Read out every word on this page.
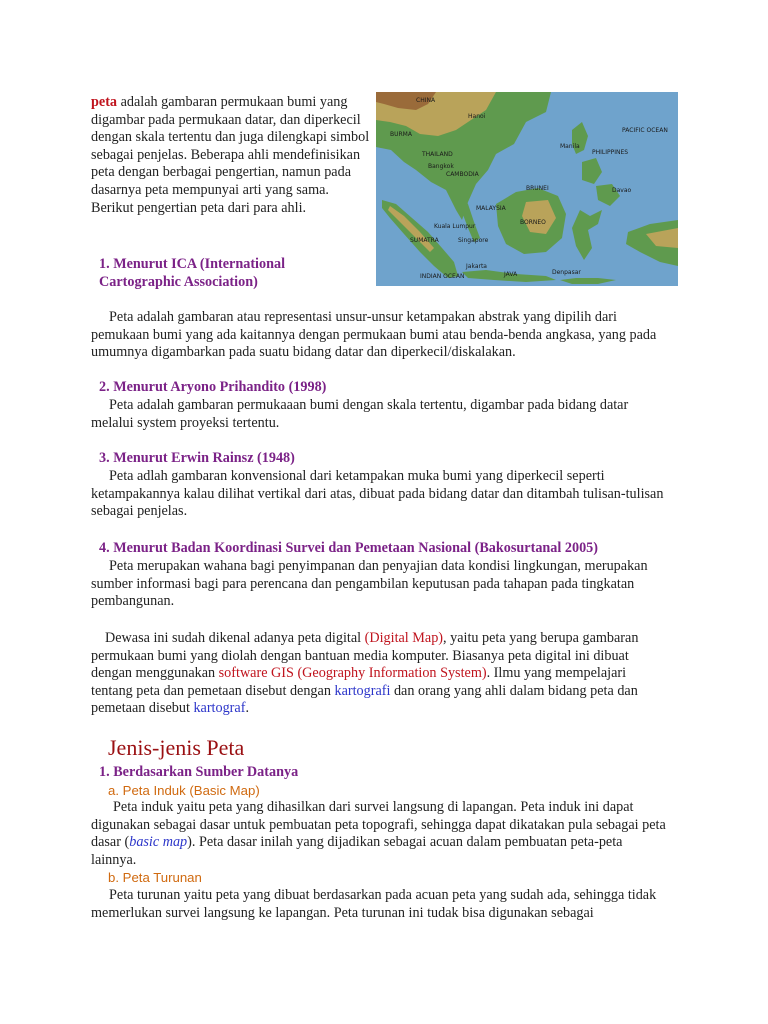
peta adalah gambaran permukaan bumi yang digambar pada permukaan datar, dan diperkecil dengan skala tertentu dan juga dilengkapi simbol sebagai penjelas. Beberapa ahli mendefinisikan peta dengan berbagai pengertian, namun pada dasarnya peta mempunyai arti yang sama. Berikut pengertian peta dari para ahli.

CHINA
BURMA
THAILAND
CAMBODIA
Hanoi
Bangkok
Manila
PHILIPPINES
Kuala Lumpur
Singapore
MALAYSIA
BRUNEI	Davao
Jakarta
SUMATRA
BORNEO
JAVA
INDIAN OCEAN
Denpasar
PACIFIC OCEAN

1. Menurut ICA (International Cartographic Association)

Peta adalah gambaran atau representasi unsur-unsur ketampakan abstrak yang dipilih dari pemukaan bumi yang ada kaitannya dengan permukaan bumi atau benda-benda angkasa, yang pada umumnya digambarkan pada suatu bidang datar dan diperkecil/diskalakan.

2. Menurut Aryono Prihandito (1998)

Peta adalah gambaran permukaaan bumi dengan skala tertentu, digambar pada bidang datar melalui system proyeksi tertentu.

3. Menurut Erwin Rainsz (1948)

Peta adlah gambaran konvensional dari ketampakan muka bumi yang diperkecil seperti ketampakannya kalau dilihat vertikal dari atas, dibuat pada bidang datar dan ditambah tulisan-tulisan sebagai penjelas.

4. Menurut Badan Koordinasi Survei dan Pemetaan Nasional (Bakosurtanal 2005)

Peta merupakan wahana bagi penyimpanan dan penyajian data kondisi lingkungan, merupakan sumber informasi bagi para perencana dan pengambilan keputusan pada tahapan pada tingkatan pembangunan.

Dewasa ini sudah dikenal adanya peta digital (Digital Map), yaitu peta yang berupa gambaran permukaan bumi yang diolah dengan bantuan media komputer. Biasanya peta digital ini dibuat dengan menggunakan software GIS (Geography Information System). Ilmu yang mempelajari tentang peta dan pemetaan disebut dengan kartografi dan orang yang ahli dalam bidang peta dan pemetaan disebut kartograf.

Jenis-jenis Peta

1. Berdasarkan Sumber Datanya

a. Peta Induk (Basic Map)

Peta induk yaitu peta yang dihasilkan dari survei langsung di lapangan. Peta induk ini dapat digunakan sebagai dasar untuk pembuatan peta topografi, sehingga dapat dikatakan pula sebagai peta dasar (basic map). Peta dasar inilah yang dijadikan sebagai acuan dalam pembuatan peta-peta lainnya.

b. Peta Turunan

Peta turunan yaitu peta yang dibuat berdasarkan pada acuan peta yang sudah ada, sehingga tidak memerlukan survei langsung ke lapangan. Peta turunan ini tudak bisa digunakan sebagai
